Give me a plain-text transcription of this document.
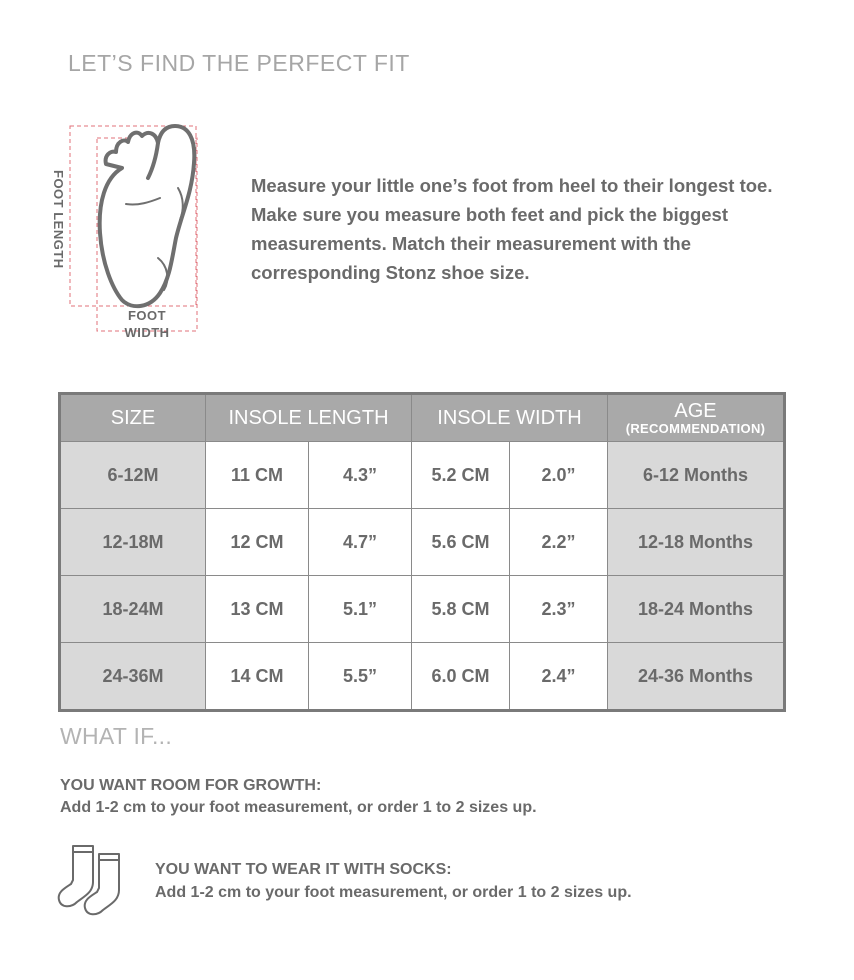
LET’S FIND THE PERFECT FIT
FOOT LENGTH
FOOT
WIDTH
Measure your little one’s foot from heel to their longest toe. Make sure you measure both feet and pick the biggest measurements. Match their measurement with the corresponding Stonz shoe size.
SIZE	INSOLE LENGTH		INSOLE WIDTH		AGE
(RECOMMENDATION)

6-12M	11 CM	4.3”	5.2 CM	2.0”	6-12 Months
12-18M	12 CM	4.7”	5.6 CM	2.2”	12-18 Months
18-24M	13 CM	5.1”	5.8 CM	2.3”	18-24 Months
24-36M	14 CM	5.5”	6.0 CM	2.4”	24-36 Months
WHAT IF...
YOU WANT ROOM FOR GROWTH:
Add 1-2 cm to your foot measurement, or order 1 to 2 sizes up.
YOU WANT TO WEAR IT WITH SOCKS:
Add 1-2 cm to your foot measurement, or order 1 to 2 sizes up.
